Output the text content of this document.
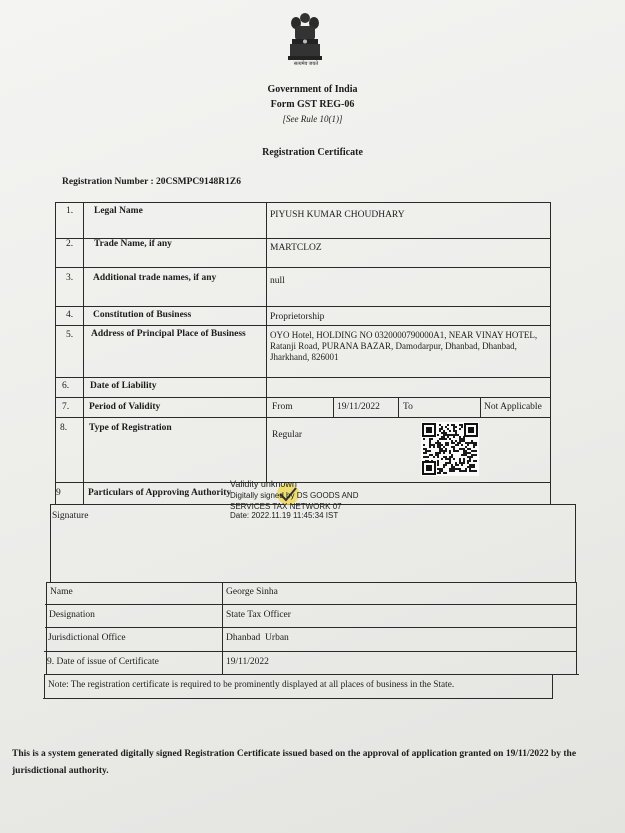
सत्यमेव जयते
Government of India
Form GST REG-06
[See Rule 10(1)]
Registration Certificate
Registration Number : 20CSMPC9148R1Z6
1. Legal Name	PIYUSH KUMAR CHOUDHARY
2. Trade Name, if any	MARTCLOZ
3. Additional trade names, if any	null
4. Constitution of Business	Proprietorship
5. Address of Principal Place of Business	OYO Hotel, HOLDING NO 0320000790000A1, NEAR VINAY HOTEL, Ratanji Road, PURANA BAZAR, Damodarpur, Dhanbad, Dhanbad, Jharkhand, 826001
6. Date of Liability
7. Period of Validity	From	19/11/2022 To	Not Applicable
8. Type of Registration
Regular
9	Particulars of Approving Authority
Validity unknown
Digitally signed by DS GOODS AND
SERVICES TAX NETWORK 07
Date: 2022.11.19 11:45:34 IST
Signature
Name	George Sinha
Designation	State Tax Officer
Jurisdictional Office	Dhanbad  Urban
9. Date of issue of Certificate	19/11/2022
Note: The registration certificate is required to be prominently displayed at all places of business in the State.
This is a system generated digitally signed Registration Certificate issued based on the approval of application granted on 19/11/2022 by the jurisdictional authority.
